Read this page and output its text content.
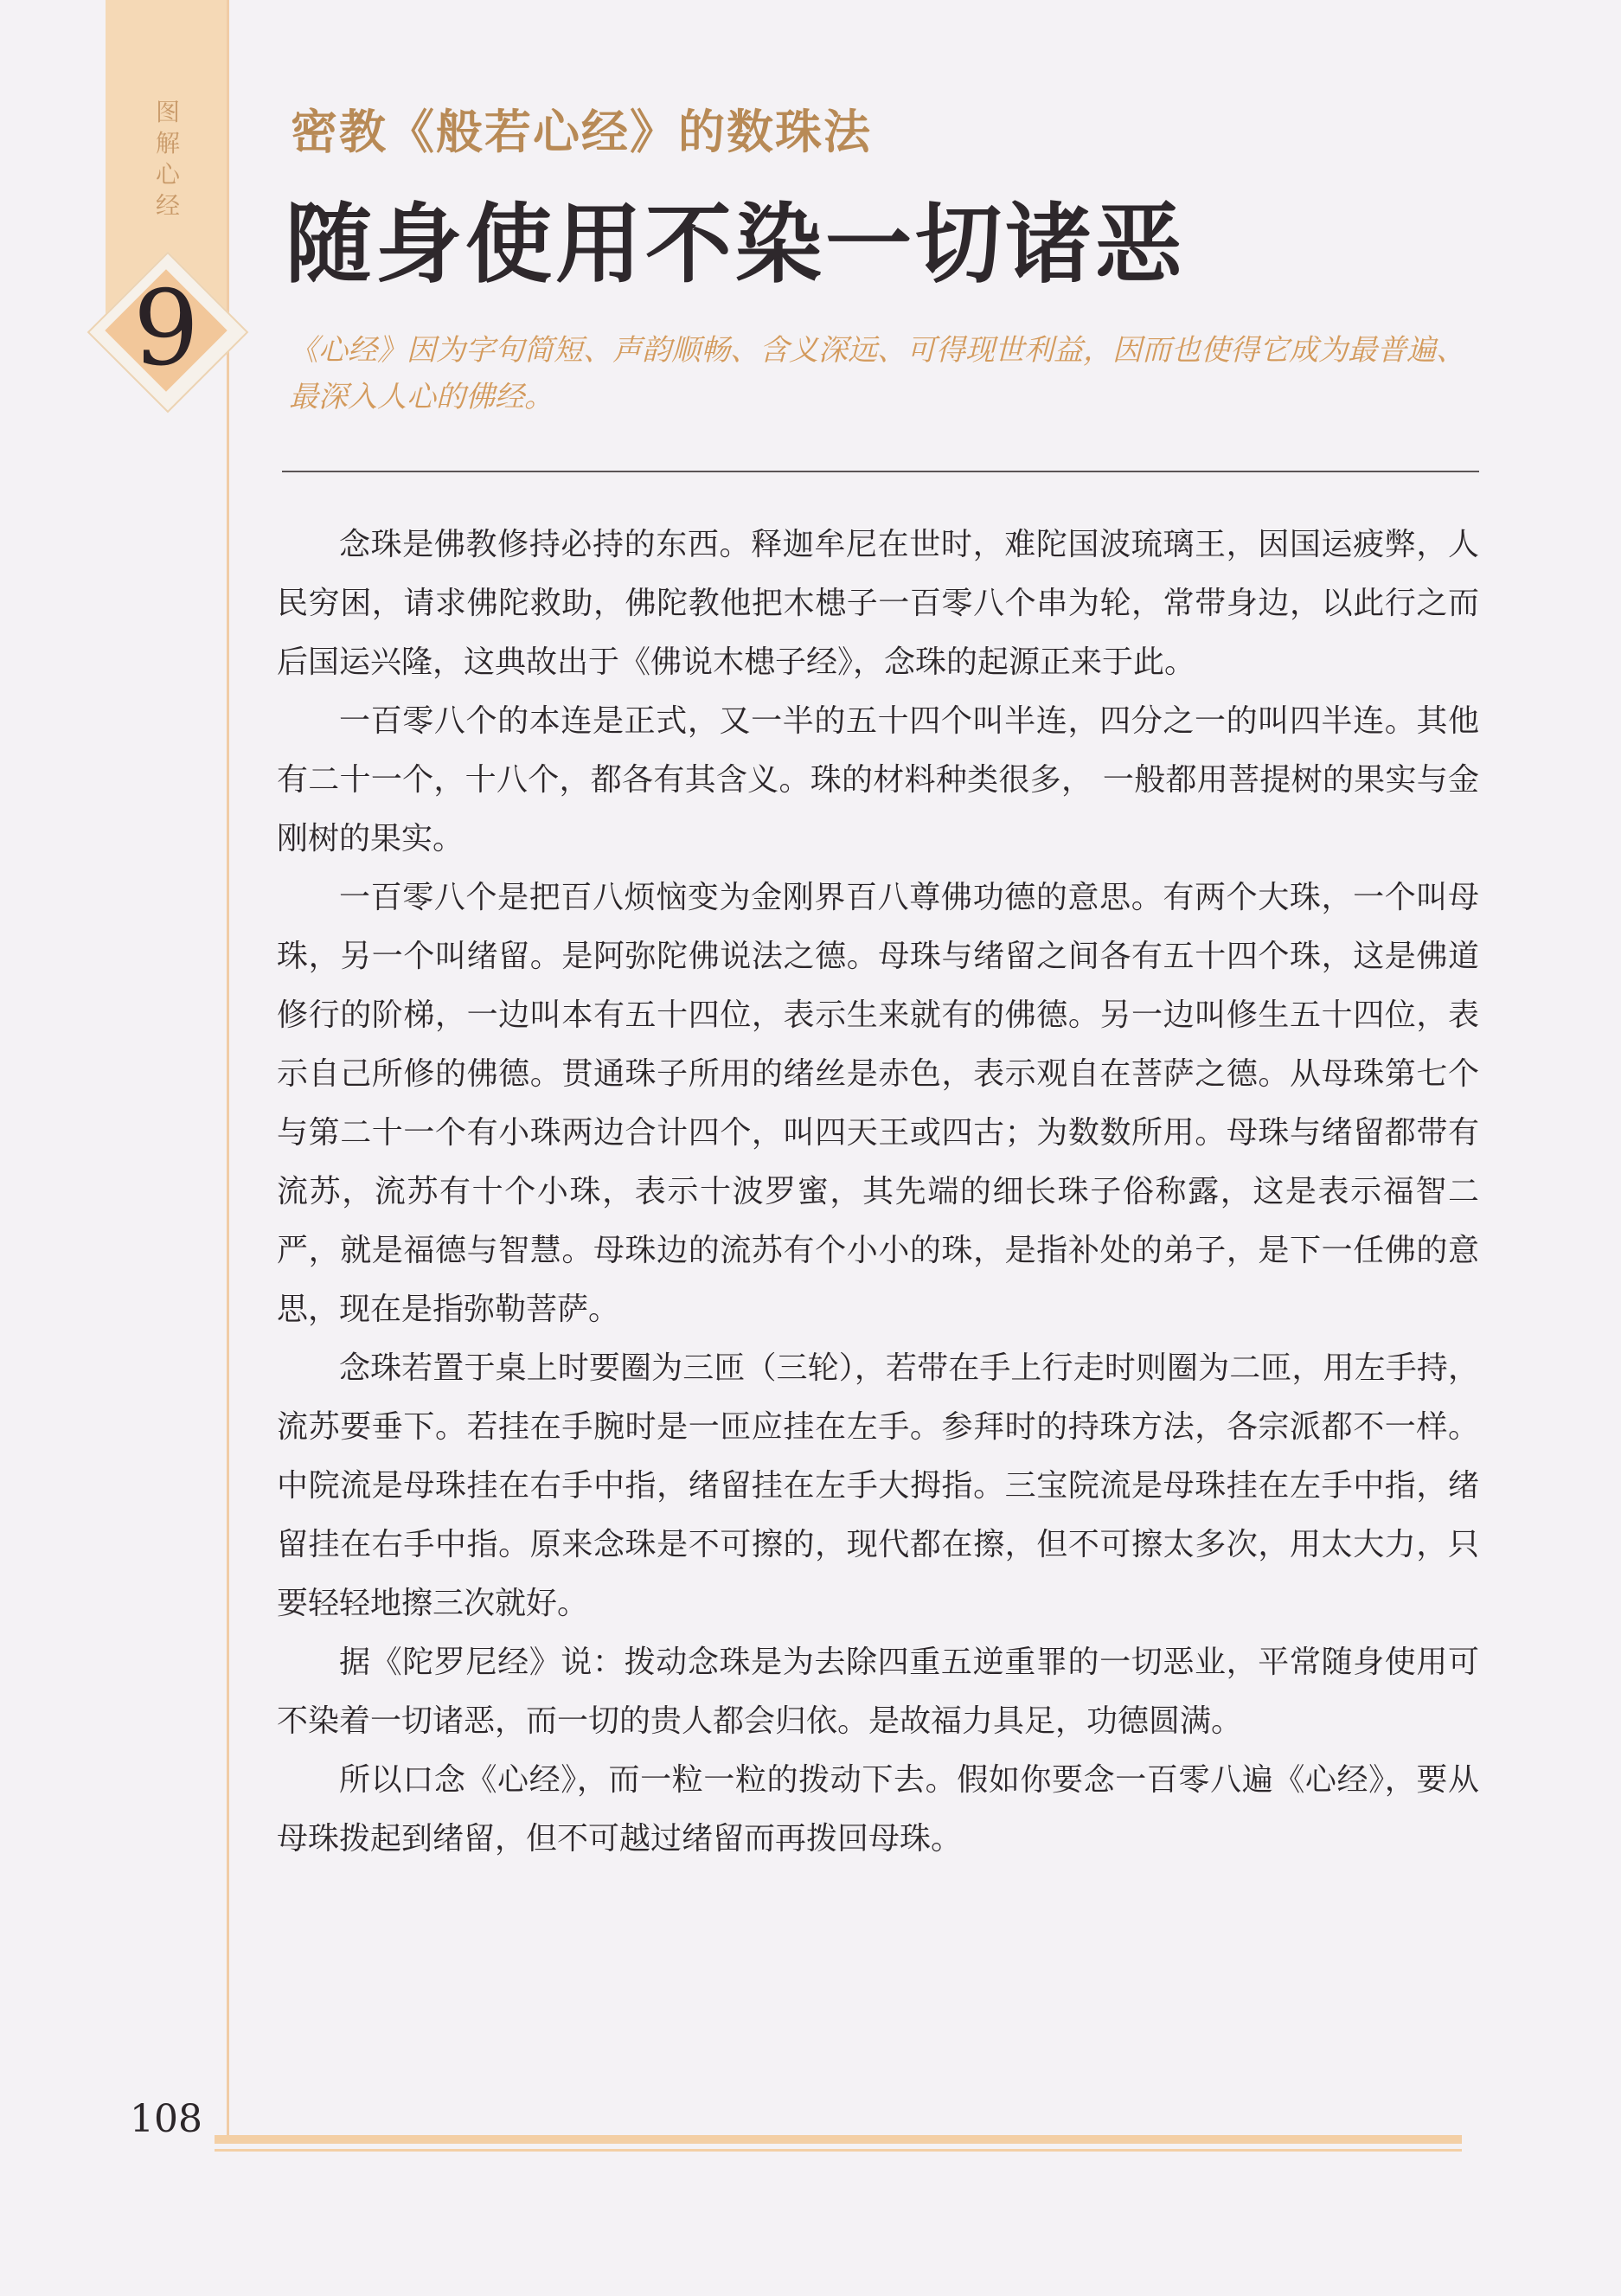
图解心经
9
密教《般若心经》的数珠法
随身使用不染一切诸恶
《心经》因为字句简短、声韵顺畅、含义深远、可得现世利益，因而也使得它成为最普遍、最深入人心的佛经。

念珠是佛教修持必持的东西。释迦牟尼在世时，难陀国波琉璃王，因国运疲弊，人民穷困，请求佛陀救助，佛陀教他把木槵子一百零八个串为轮，常带身边，以此行之而后国运兴隆，这典故出于《佛说木槵子经》，念珠的起源正来于此。

一百零八个的本连是正式，又一半的五十四个叫半连，四分之一的叫四半连。其他有二十一个，十八个，都各有其含义。珠的材料种类很多， 一般都用菩提树的果实与金刚树的果实。

一百零八个是把百八烦恼变为金刚界百八尊佛功德的意思。有两个大珠，一个叫母珠，另一个叫绪留。是阿弥陀佛说法之德。母珠与绪留之间各有五十四个珠，这是佛道修行的阶梯，一边叫本有五十四位，表示生来就有的佛德。另一边叫修生五十四位，表示自己所修的佛德。贯通珠子所用的绪丝是赤色，表示观自在菩萨之德。从母珠第七个与第二十一个有小珠两边合计四个，叫四天王或四古；为数数所用。母珠与绪留都带有流苏，流苏有十个小珠，表示十波罗蜜，其先端的细长珠子俗称露，这是表示福智二严，就是福德与智慧。母珠边的流苏有个小小的珠，是指补处的弟子，是下一任佛的意思，现在是指弥勒菩萨。

念珠若置于桌上时要圈为三匝（三轮），若带在手上行走时则圈为二匝，用左手持，流苏要垂下。若挂在手腕时是一匝应挂在左手。参拜时的持珠方法，各宗派都不一样。中院流是母珠挂在右手中指，绪留挂在左手大拇指。三宝院流是母珠挂在左手中指，绪留挂在右手中指。原来念珠是不可擦的，现代都在擦，但不可擦太多次，用太大力，只要轻轻地擦三次就好。

据《陀罗尼经》说：拨动念珠是为去除四重五逆重罪的一切恶业，平常随身使用可不染着一切诸恶，而一切的贵人都会归依。是故福力具足，功德圆满。

所以口念《心经》，而一粒一粒的拨动下去。假如你要念一百零八遍《心经》，要从母珠拨起到绪留，但不可越过绪留而再拨回母珠。

108
